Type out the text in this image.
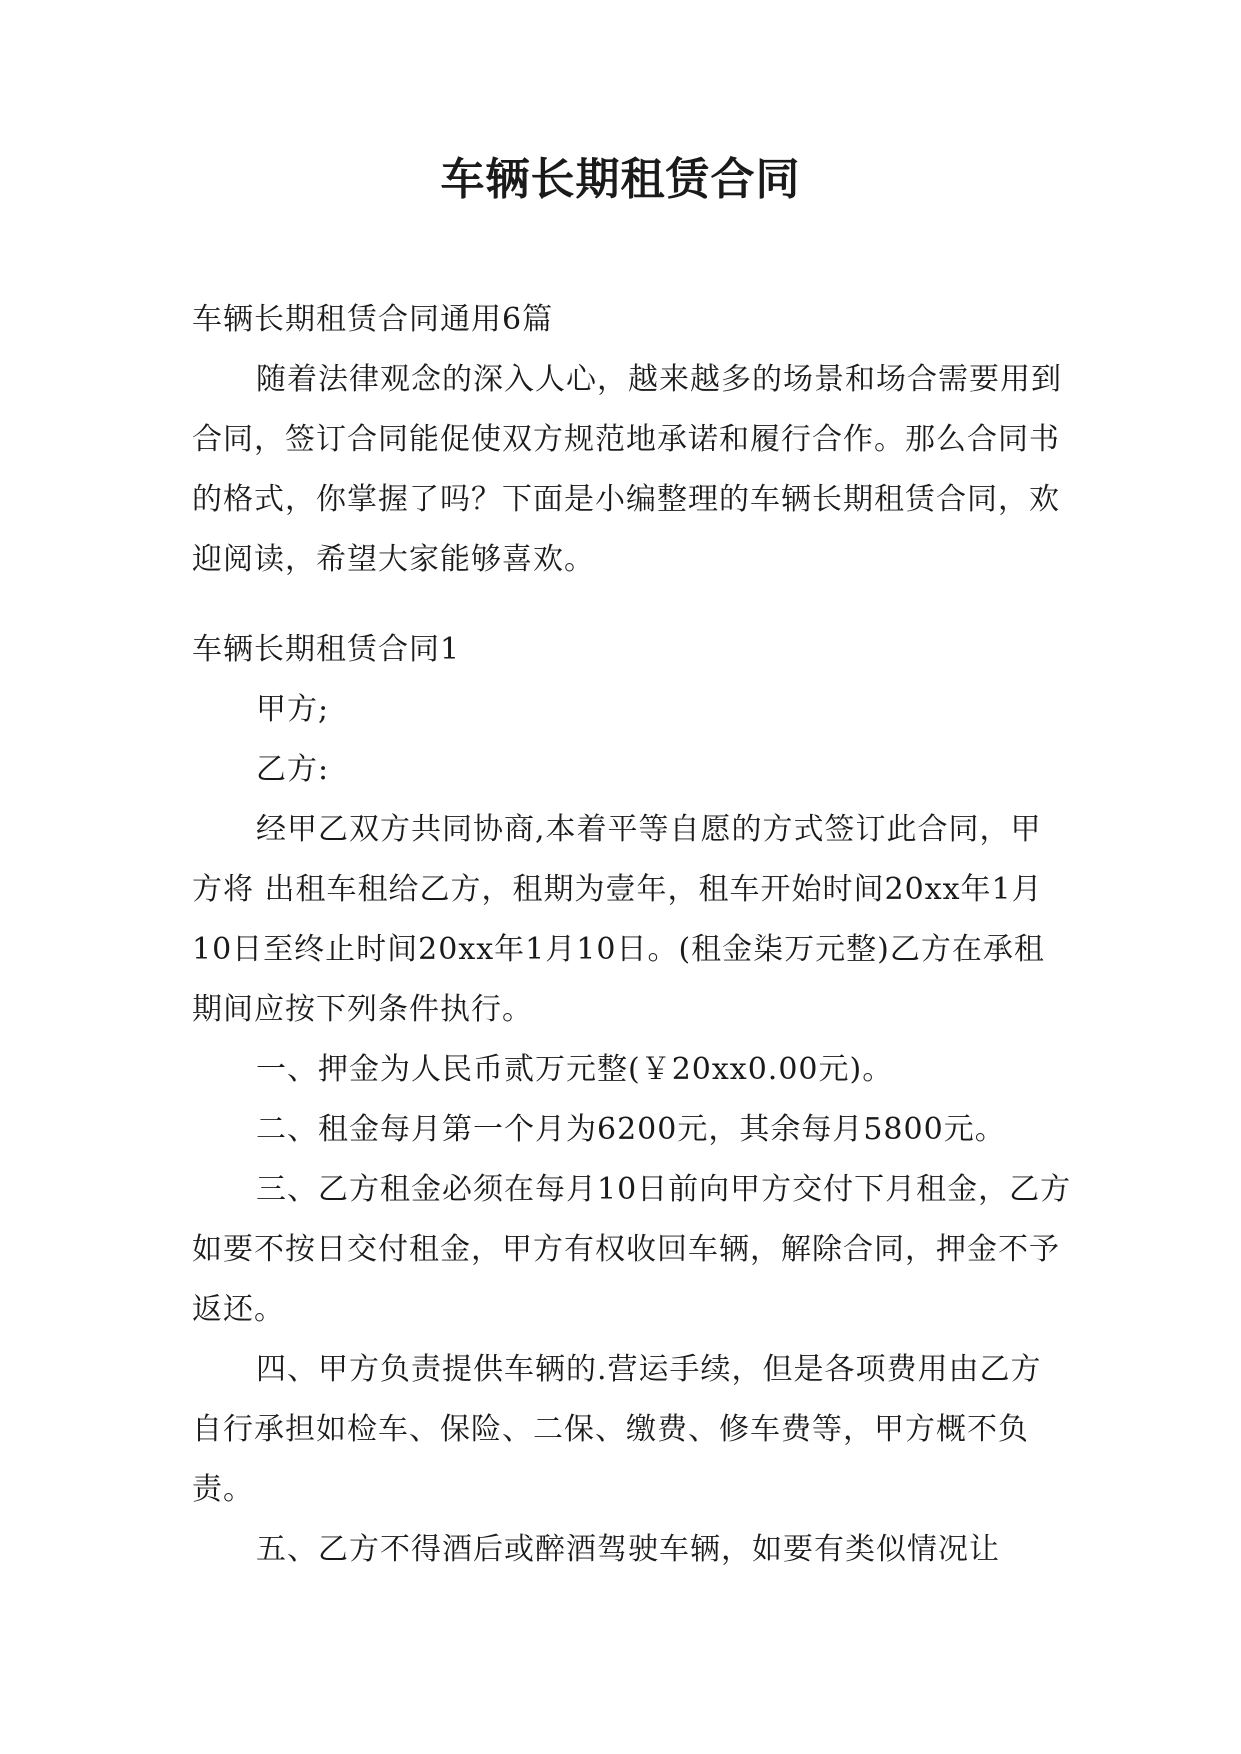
车辆长期租赁合同

车辆长期租赁合同通用6篇

随着法律观念的深入人心，越来越多的场景和场合需要用到合同，签订合同能促使双方规范地承诺和履行合作。那么合同书的格式，你掌握了吗？下面是小编整理的车辆长期租赁合同，欢迎阅读，希望大家能够喜欢。

车辆长期租赁合同1

甲方;

乙方:

经甲乙双方共同协商,本着平等自愿的方式签订此合同，甲方将 出租车租给乙方，租期为壹年，租车开始时间20xx年1月10日至终止时间20xx年1月10日。(租金柒万元整)乙方在承租期间应按下列条件执行。

一、押金为人民币贰万元整(￥20xx0.00元)。

二、租金每月第一个月为6200元，其余每月5800元。

三、乙方租金必须在每月10日前向甲方交付下月租金，乙方如要不按日交付租金，甲方有权收回车辆，解除合同，押金不予返还。

四、甲方负责提供车辆的.营运手续，但是各项费用由乙方自行承担如检车、保险、二保、缴费、修车费等，甲方概不负责。

五、乙方不得酒后或醉酒驾驶车辆，如要有类似情况让
